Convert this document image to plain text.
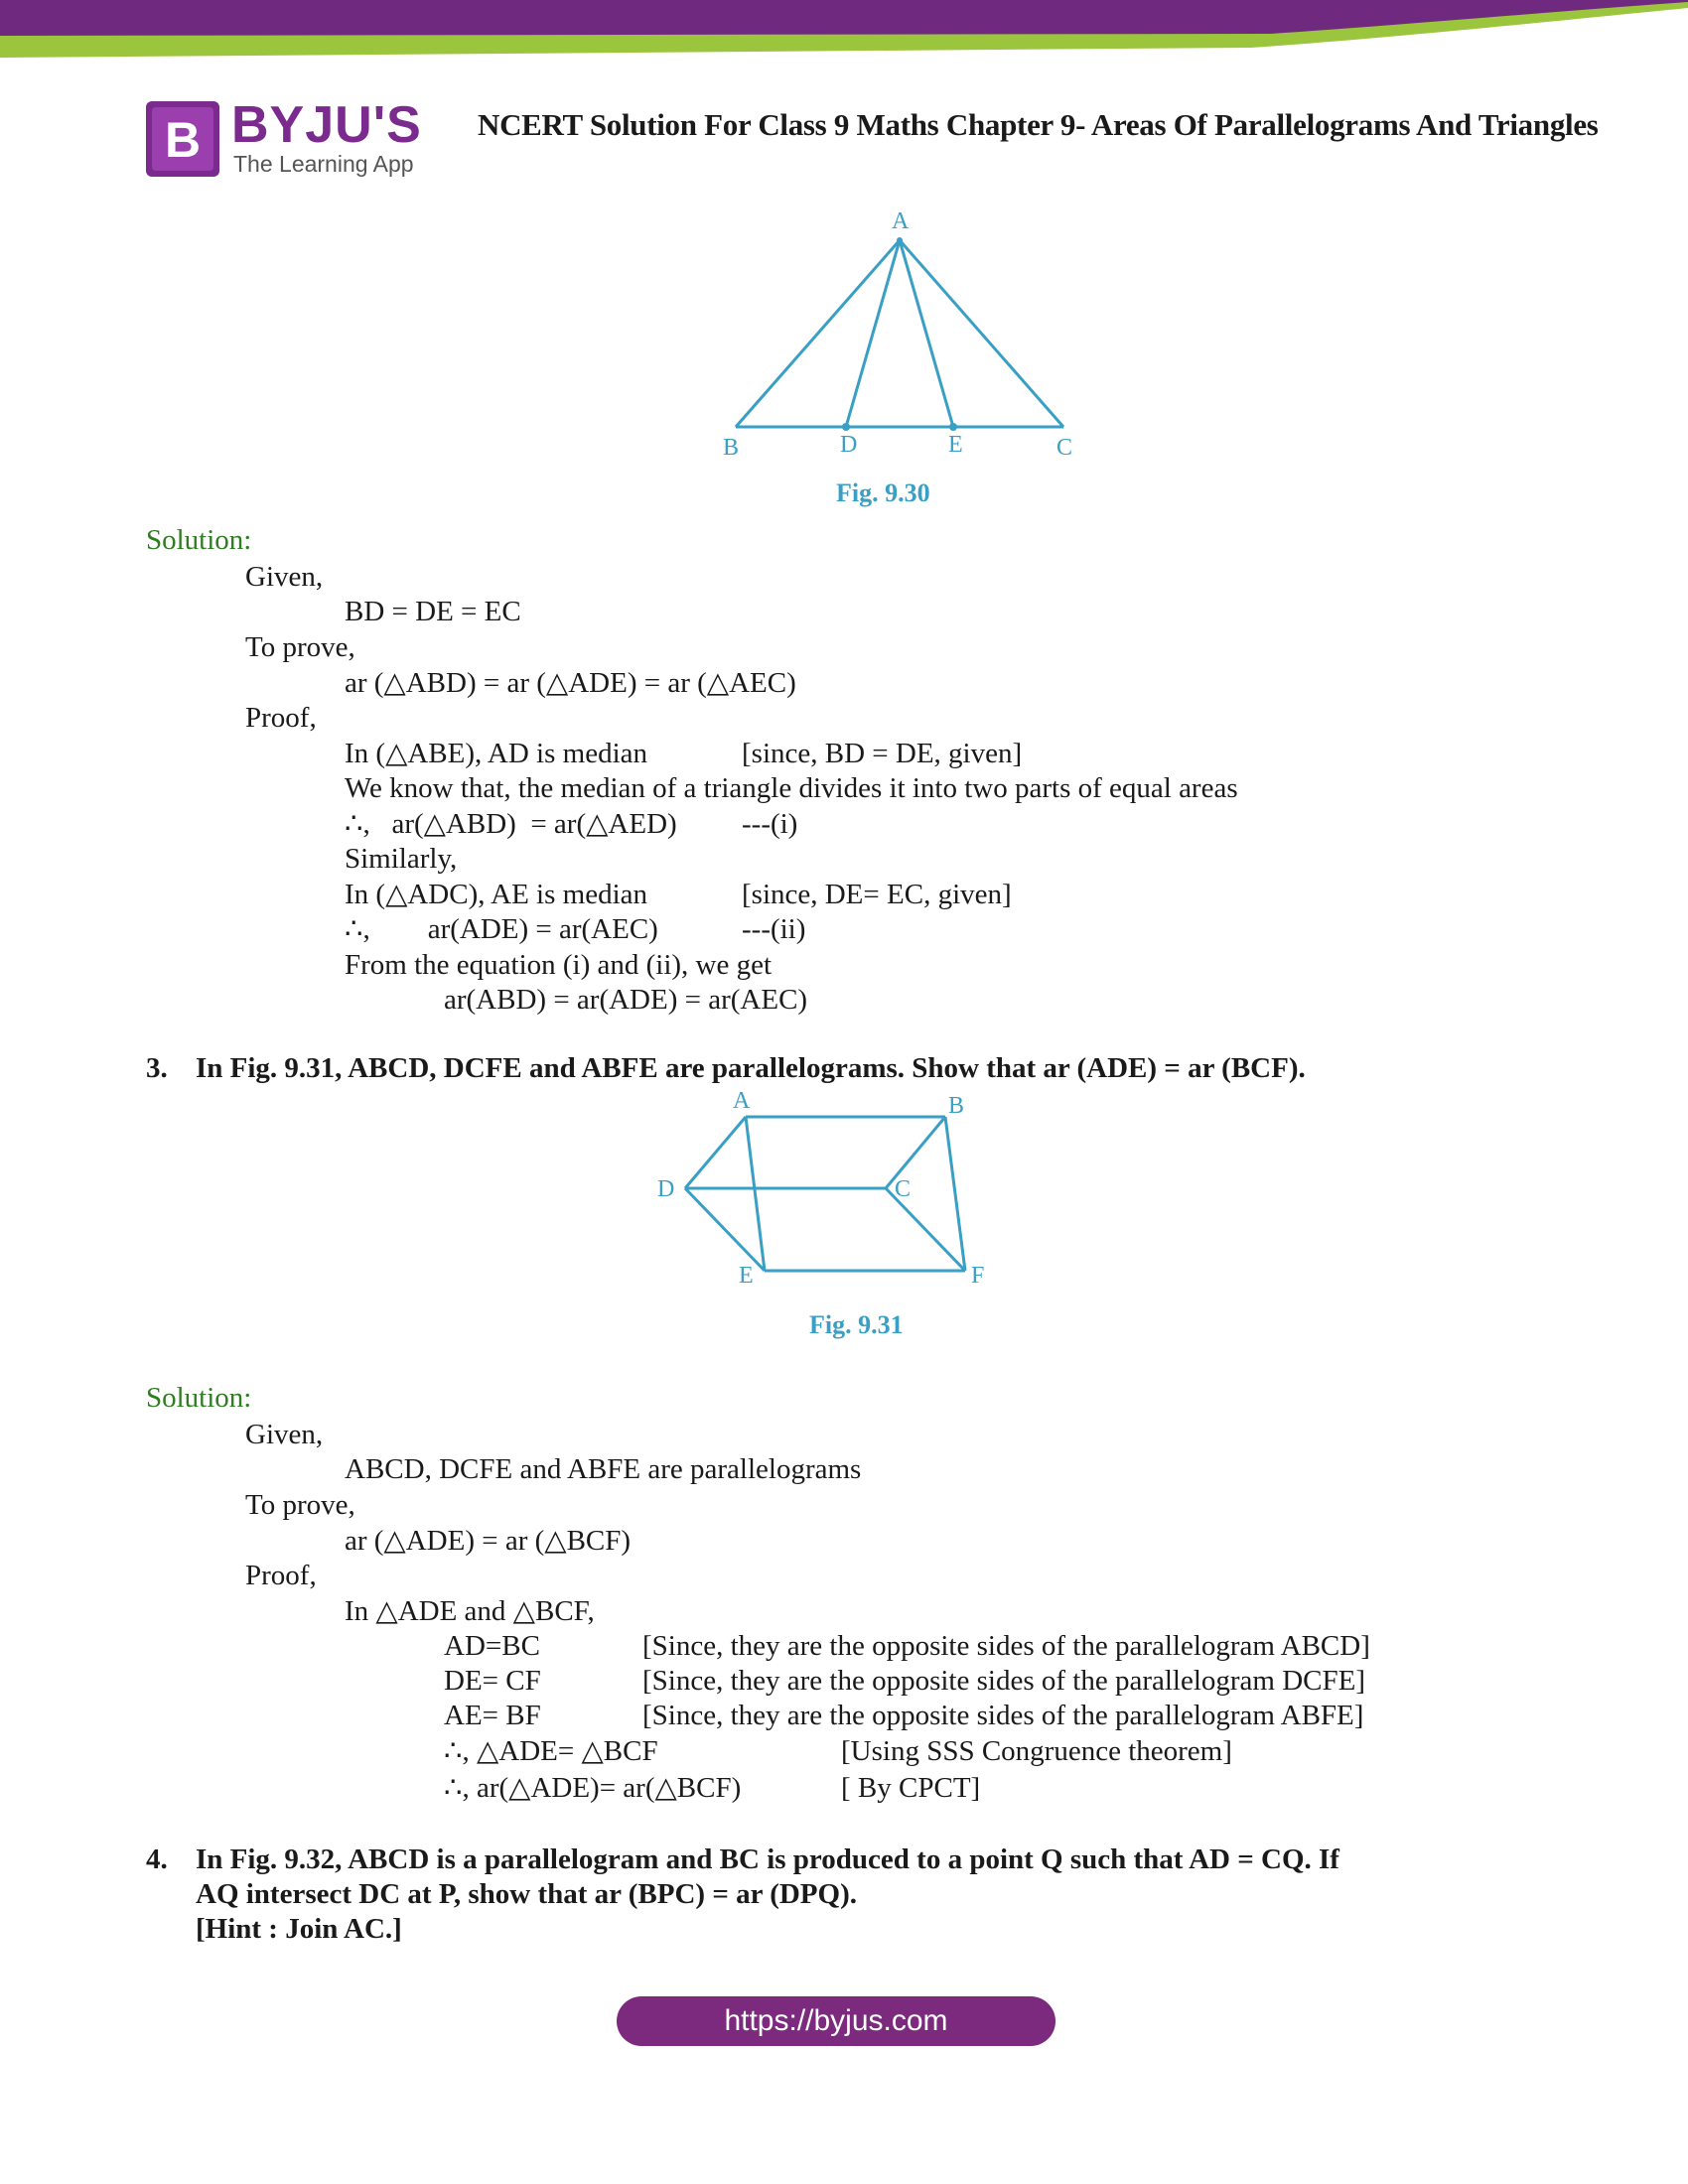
B BYJU'S
The Learning App
NCERT Solution For Class 9 Maths Chapter 9- Areas Of Parallelograms And Triangles
A
B	D	E	C
Fig. 9.30
Solution:
Given,
BD = DE = EC
To prove,
ar (△ABD) = ar (△ADE) = ar (△AEC)
Proof,
In (△ABE), AD is median	[since, BD = DE, given]
We know that, the median of a triangle divides it into two parts of equal areas
∴,   ar(△ABD)  = ar(△AED) ---(i)
Similarly,
In (△ADC), AE is median	[since, DE= EC, given]
∴,        ar(ADE) = ar(AEC)	---(ii)
From the equation (i) and (ii), we get
ar(ABD) = ar(ADE) = ar(AEC)
3. In Fig. 9.31, ABCD, DCFE and ABFE are parallelograms. Show that ar (ADE) = ar (BCF).
A	B
C
D
E	F
Fig. 9.31
Solution:
Given,
ABCD, DCFE and ABFE are parallelograms
To prove,
ar (△ADE) = ar (△BCF)
Proof,
In △ADE and △BCF,
AD=BC	[Since, they are the opposite sides of the parallelogram ABCD]
DE= CF	[Since, they are the opposite sides of the parallelogram DCFE]
AE= BF	[Since, they are the opposite sides of the parallelogram ABFE]
∴, △ADE= △BCF	[Using SSS Congruence theorem]
∴, ar(△ADE)= ar(△BCF)	[ By CPCT]
4. In Fig. 9.32, ABCD is a parallelogram and BC is produced to a point Q such that AD = CQ. If
AQ intersect DC at P, show that ar (BPC) = ar (DPQ).
[Hint : Join AC.]
https://byjus.com
